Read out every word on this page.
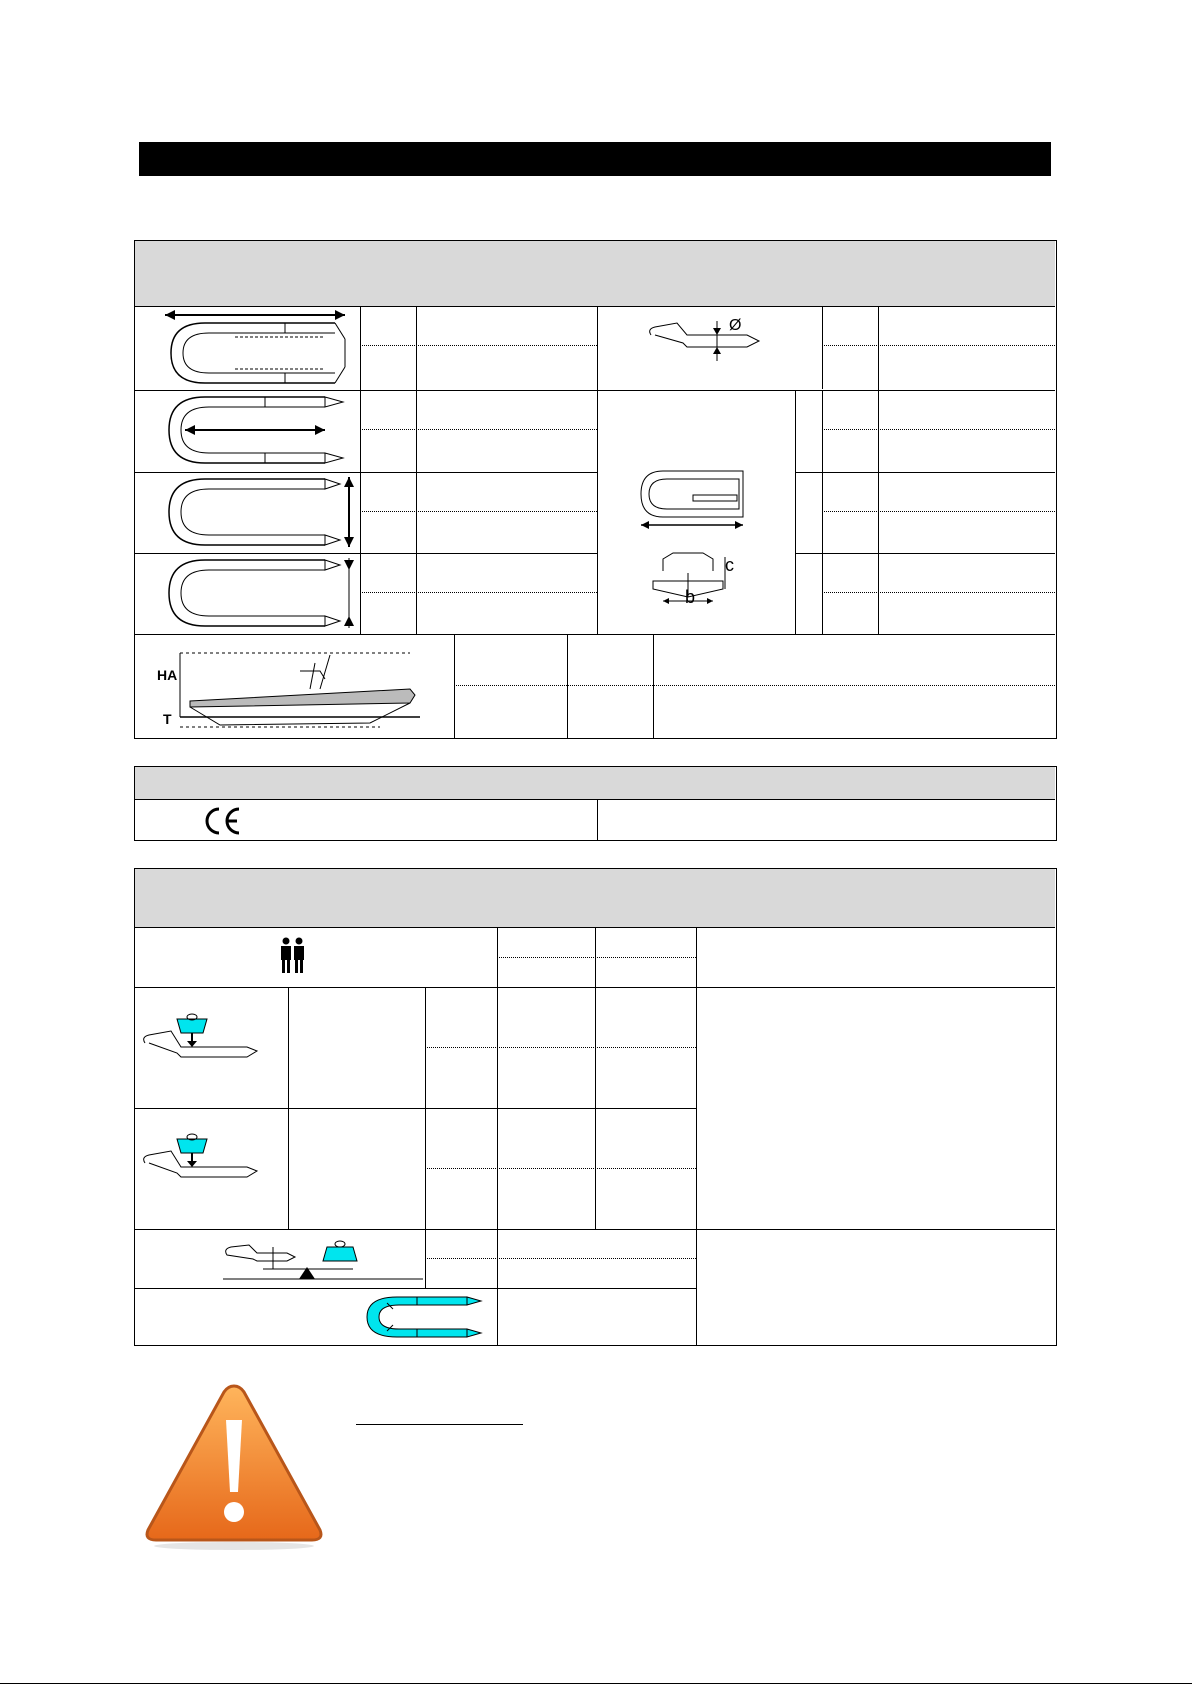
Ø
c
b
HA
T
